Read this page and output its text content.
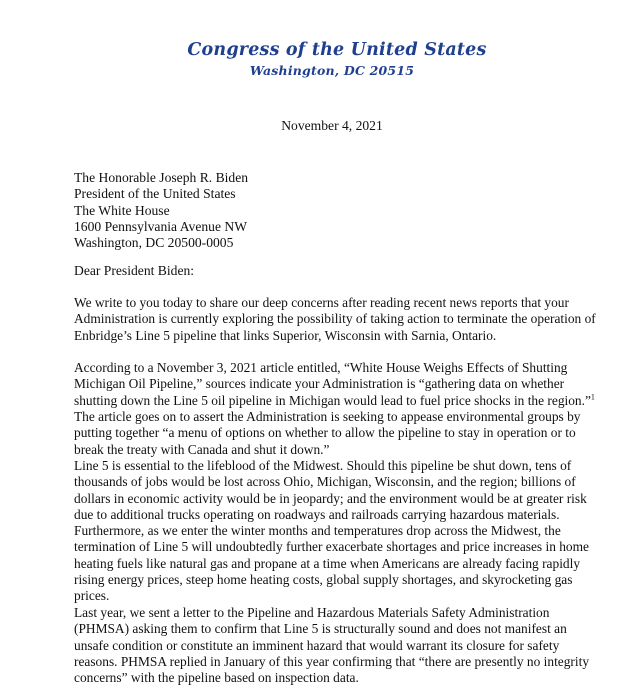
Congress of the United States
Washington, DC 20515
November 4, 2021
The Honorable Joseph R. Biden
President of the United States
The White House
1600 Pennsylvania Avenue NW
Washington, DC 20500-0005
Dear President Biden:
We write to you today to share our deep concerns after reading recent news reports that your
Administration is currently exploring the possibility of taking action to terminate the operation of
Enbridge’s Line 5 pipeline that links Superior, Wisconsin with Sarnia, Ontario.
According to a November 3, 2021 article entitled, “White House Weighs Effects of Shutting
Michigan Oil Pipeline,” sources indicate your Administration is “gathering data on whether
shutting down the Line 5 oil pipeline in Michigan would lead to fuel price shocks in the region.”$^1$
The article goes on to assert the Administration is seeking to appease environmental groups by
putting together “a menu of options on whether to allow the pipeline to stay in operation or to
break the treaty with Canada and shut it down.”
Line 5 is essential to the lifeblood of the Midwest. Should this pipeline be shut down, tens of
thousands of jobs would be lost across Ohio, Michigan, Wisconsin, and the region; billions of
dollars in economic activity would be in jeopardy; and the environment would be at greater risk
due to additional trucks operating on roadways and railroads carrying hazardous materials.
Furthermore, as we enter the winter months and temperatures drop across the Midwest, the
termination of Line 5 will undoubtedly further exacerbate shortages and price increases in home
heating fuels like natural gas and propane at a time when Americans are already facing rapidly
rising energy prices, steep home heating costs, global supply shortages, and skyrocketing gas
prices.
Last year, we sent a letter to the Pipeline and Hazardous Materials Safety Administration
(PHMSA) asking them to confirm that Line 5 is structurally sound and does not manifest an
unsafe condition or constitute an imminent hazard that would warrant its closure for safety
reasons. PHMSA replied in January of this year confirming that “there are presently no integrity
concerns” with the pipeline based on inspection data.
